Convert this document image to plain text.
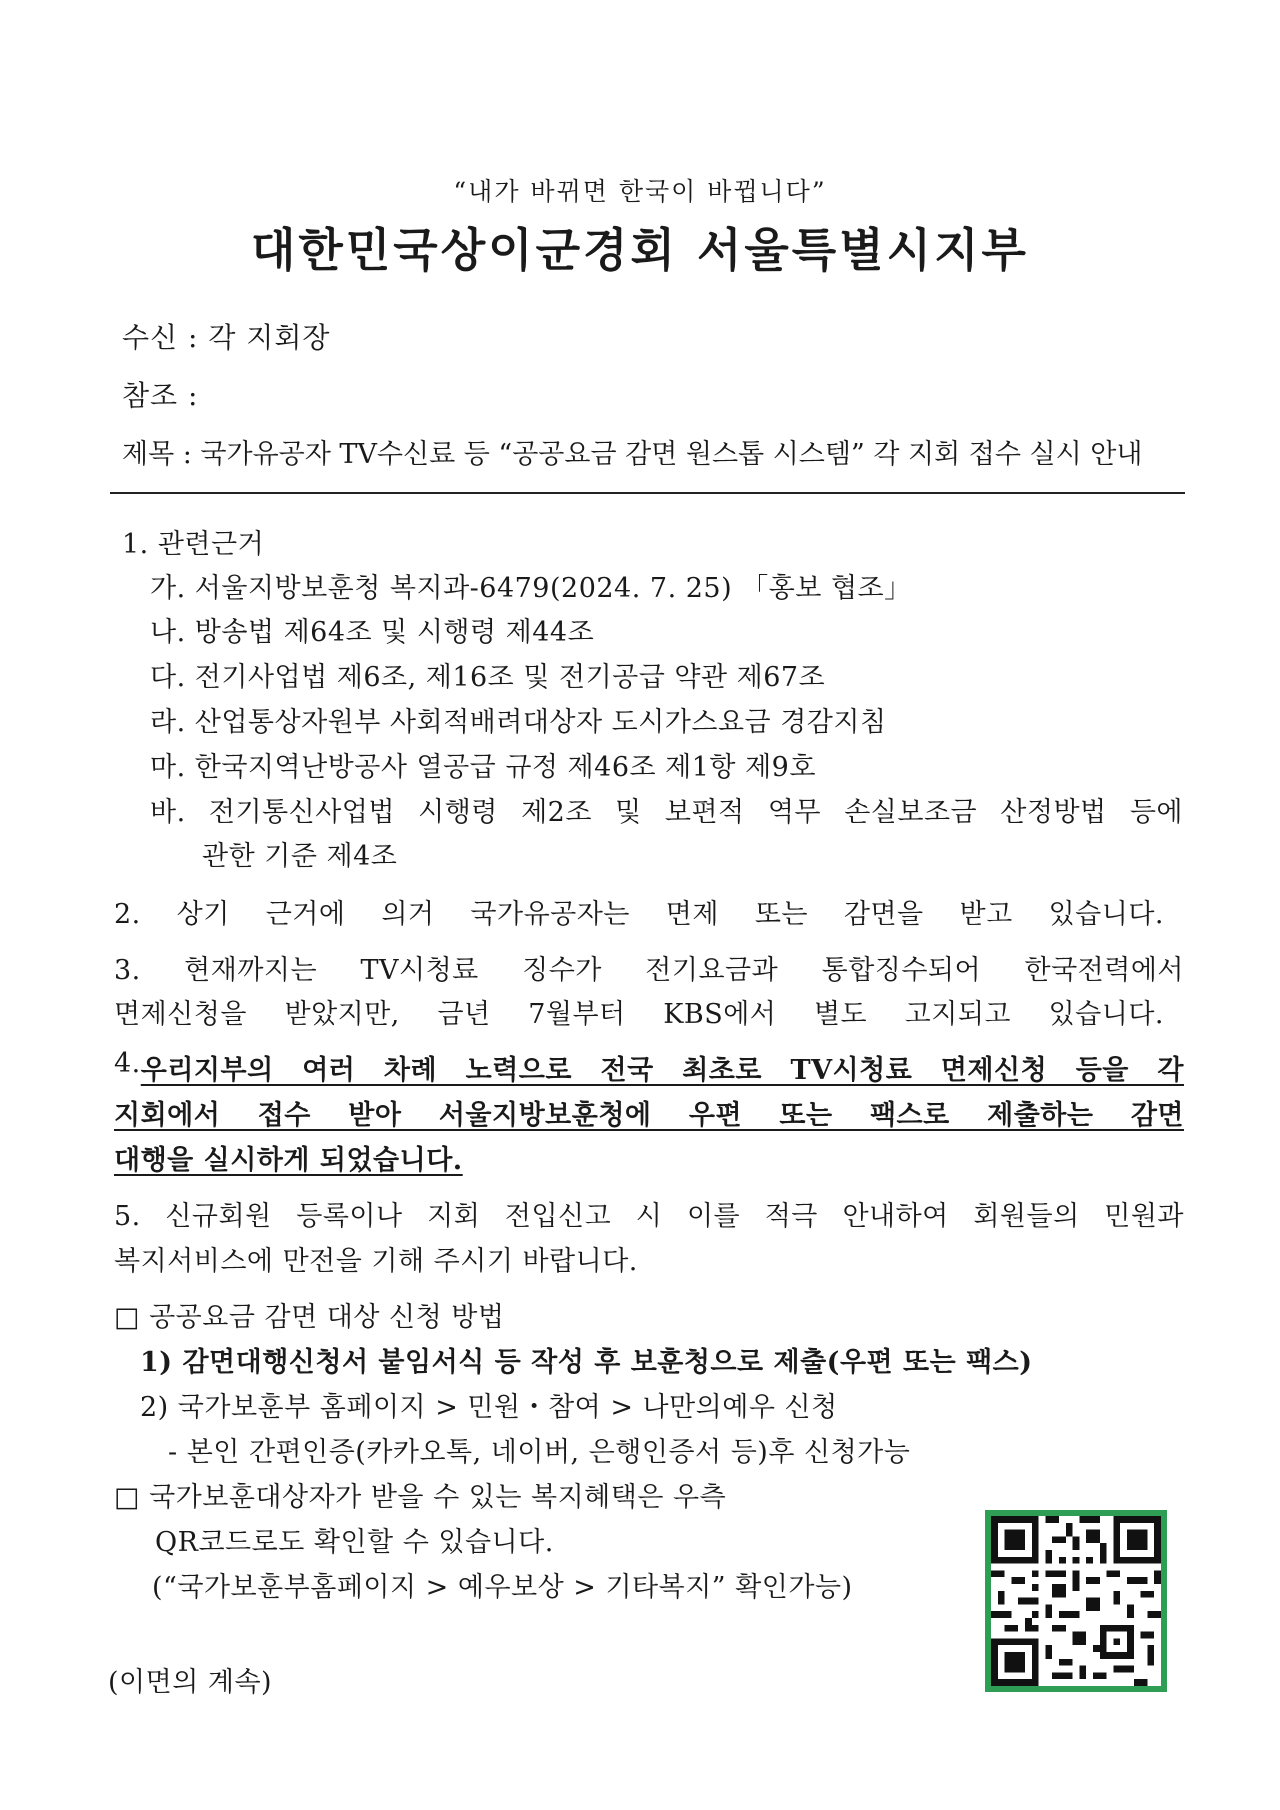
“내가 바뀌면 한국이 바뀝니다”
대한민국상이군경회 서울특별시지부
수신 : 각 지회장
참조 :
제목 : 국가유공자 TV수신료 등 “공공요금 감면 원스톱 시스템” 각 지회 접수 실시 안내
1. 관련근거
가. 서울지방보훈청 복지과-6479(2024. 7. 25) 「홍보 협조」
나. 방송법 제64조 및 시행령 제44조
다. 전기사업법 제6조, 제16조 및 전기공급 약관 제67조
라. 산업통상자원부 사회적배려대상자 도시가스요금 경감지침
마. 한국지역난방공사 열공급 규정 제46조 제1항 제9호
바. 전기통신사업법 시행령 제2조 및 보편적 역무 손실보조금 산정방법 등에
관한 기준 제4조
2. 상기 근거에 의거 국가유공자는 면제 또는 감면을 받고 있습니다.
3. 현재까지는 TV시청료 징수가 전기요금과 통합징수되어 한국전력에서
면제신청을 받았지만, 금년 7월부터 KBS에서 별도 고지되고 있습니다.
4. 우리지부의 여러 차례 노력으로 전국 최초로 TV시청료 면제신청 등을 각
지회에서 접수 받아 서울지방보훈청에 우편 또는 팩스로 제출하는 감면
대행을 실시하게 되었습니다.
5. 신규회원 등록이나 지회 전입신고 시 이를 적극 안내하여 회원들의 민원과
복지서비스에 만전을 기해 주시기 바랍니다.
□ 공공요금 감면 대상 신청 방법
1) 감면대행신청서 붙임서식 등 작성 후 보훈청으로 제출(우편 또는 팩스)
2) 국가보훈부 홈페이지 > 민원・참여 > 나만의예우 신청
- 본인 간편인증(카카오톡, 네이버, 은행인증서 등)후 신청가능
□ 국가보훈대상자가 받을 수 있는 복지혜택은 우측
QR코드로도 확인할 수 있습니다.
(“국가보훈부홈페이지 > 예우보상 > 기타복지” 확인가능)
(이면의 계속)
